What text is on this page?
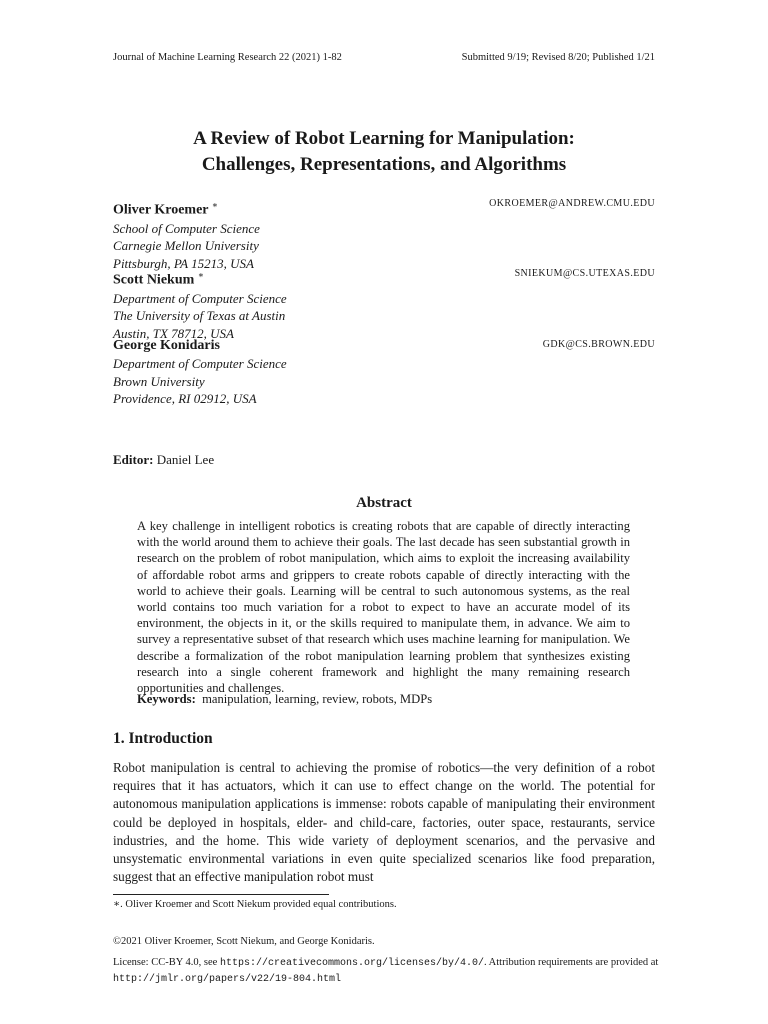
Journal of Machine Learning Research 22 (2021) 1-82	Submitted 9/19; Revised 8/20; Published 1/21
A Review of Robot Learning for Manipulation:
Challenges, Representations, and Algorithms
Oliver Kroemer ∗	OKROEMER@ANDREW.CMU.EDU
School of Computer Science
Carnegie Mellon University
Pittsburgh, PA 15213, USA
Scott Niekum ∗	SNIEKUM@CS.UTEXAS.EDU
Department of Computer Science
The University of Texas at Austin
Austin, TX 78712, USA
George Konidaris	GDK@CS.BROWN.EDU
Department of Computer Science
Brown University
Providence, RI 02912, USA
Editor: Daniel Lee
Abstract
A key challenge in intelligent robotics is creating robots that are capable of directly interacting with the world around them to achieve their goals. The last decade has seen substantial growth in research on the problem of robot manipulation, which aims to exploit the increasing availability of affordable robot arms and grippers to create robots capable of directly interacting with the world to achieve their goals. Learning will be central to such autonomous systems, as the real world contains too much variation for a robot to expect to have an accurate model of its environment, the objects in it, or the skills required to manipulate them, in advance. We aim to survey a representative subset of that research which uses machine learning for manipulation. We describe a formalization of the robot manipulation learning problem that synthesizes existing research into a single coherent framework and highlight the many remaining research opportunities and challenges.
Keywords: manipulation, learning, review, robots, MDPs
1. Introduction
Robot manipulation is central to achieving the promise of robotics—the very definition of a robot requires that it has actuators, which it can use to effect change on the world. The potential for autonomous manipulation applications is immense: robots capable of manipulating their environment could be deployed in hospitals, elder- and child-care, factories, outer space, restaurants, service industries, and the home. This wide variety of deployment scenarios, and the pervasive and unsystematic environmental variations in even quite specialized scenarios like food preparation, suggest that an effective manipulation robot must
∗. Oliver Kroemer and Scott Niekum provided equal contributions.
©2021 Oliver Kroemer, Scott Niekum, and George Konidaris.
License: CC-BY 4.0, see https://creativecommons.org/licenses/by/4.0/. Attribution requirements are provided at http://jmlr.org/papers/v22/19-804.html
